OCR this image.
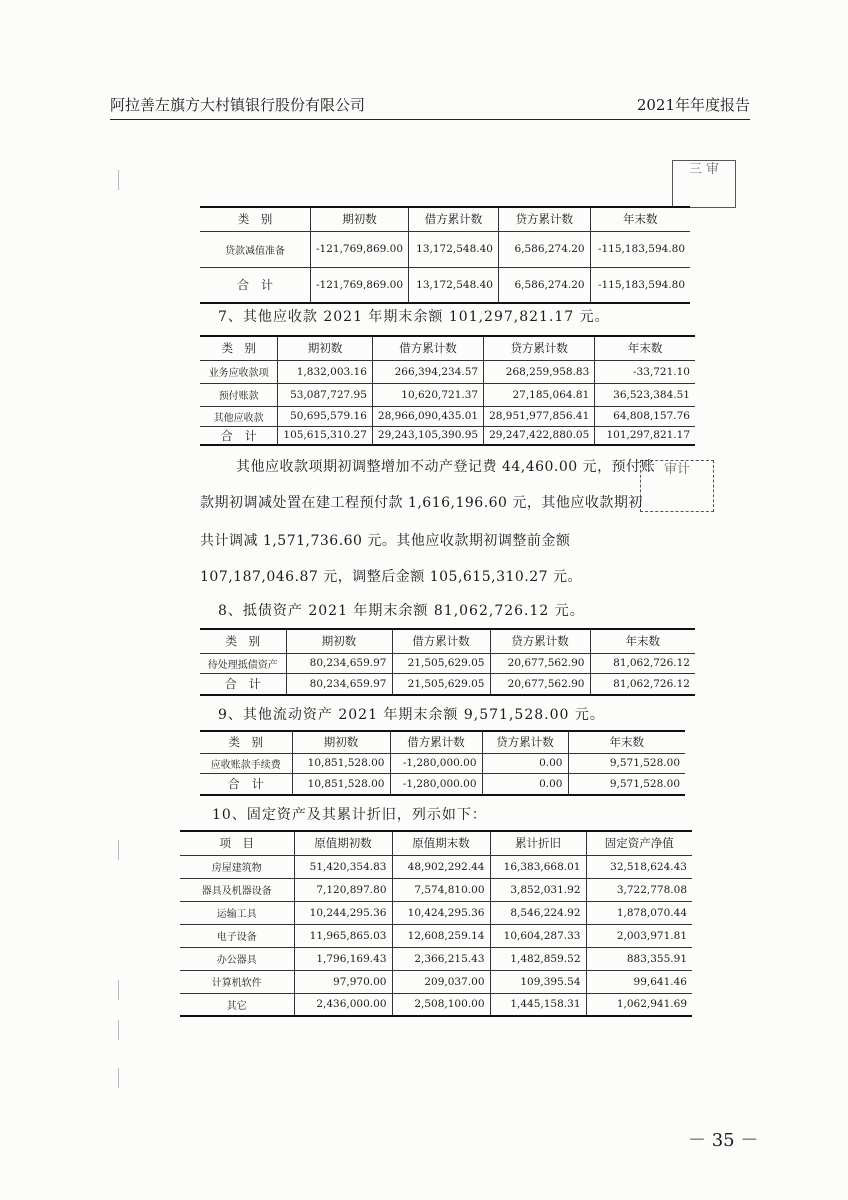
阿拉善左旗方大村镇银行股份有限公司	2021年年度报告
三 审
审计
类　别	期初数	借方累计数	贷方累计数	年末数
贷款减值准备	-121,769,869.00	13,172,548.40	6,586,274.20	-115,183,594.80
合　计	-121,769,869.00	13,172,548.40	6,586,274.20	-115,183,594.80
7、其他应收款 2021 年期末余额 101,297,821.17 元。
类　别	期初数	借方累计数	贷方累计数	年末数
业务应收款项	1,832,003.16	266,394,234.57	268,259,958.83	-33,721.10
预付账款	53,087,727.95	10,620,721.37	27,185,064.81	36,523,384.51
其他应收款	50,695,579.16	28,966,090,435.01	28,951,977,856.41	64,808,157.76
合　计	105,615,310.27	29,243,105,390.95	29,247,422,880.05	101,297,821.17
其他应收款项期初调整增加不动产登记费 44,460.00 元，预付账
款期初调减处置在建工程预付款 1,616,196.60 元，其他应收款期初
共计调减 1,571,736.60 元。其他应收款期初调整前金额
107,187,046.87 元，调整后金额 105,615,310.27 元。
8、抵债资产 2021 年期末余额 81,062,726.12 元。
类　别	期初数	借方累计数	贷方累计数	年末数
待处理抵债资产	80,234,659.97	21,505,629.05	20,677,562.90	81,062,726.12
合　计	80,234,659.97	21,505,629.05	20,677,562.90	81,062,726.12
9、其他流动资产 2021 年期末余额 9,571,528.00 元。
类　别	期初数	借方累计数	贷方累计数	年末数
应收账款手续费	10,851,528.00	-1,280,000.00	0.00	9,571,528.00
合　计	10,851,528.00	-1,280,000.00	0.00	9,571,528.00
10、固定资产及其累计折旧，列示如下：
项　目	原值期初数	原值期末数	累计折旧	固定资产净值
房屋建筑物	51,420,354.83	48,902,292.44	16,383,668.01	32,518,624.43
器具及机器设备	7,120,897.80	7,574,810.00	3,852,031.92	3,722,778.08
运输工具	10,244,295.36	10,424,295.36	8,546,224.92	1,878,070.44
电子设备	11,965,865.03	12,608,259.14	10,604,287.33	2,003,971.81
办公器具	1,796,169.43	2,366,215.43	1,482,859.52	883,355.91
计算机软件	97,970.00	209,037.00	109,395.54	99,641.46
其它	2,436,000.00	2,508,100.00	1,445,158.31	1,062,941.69
－ 35 －
